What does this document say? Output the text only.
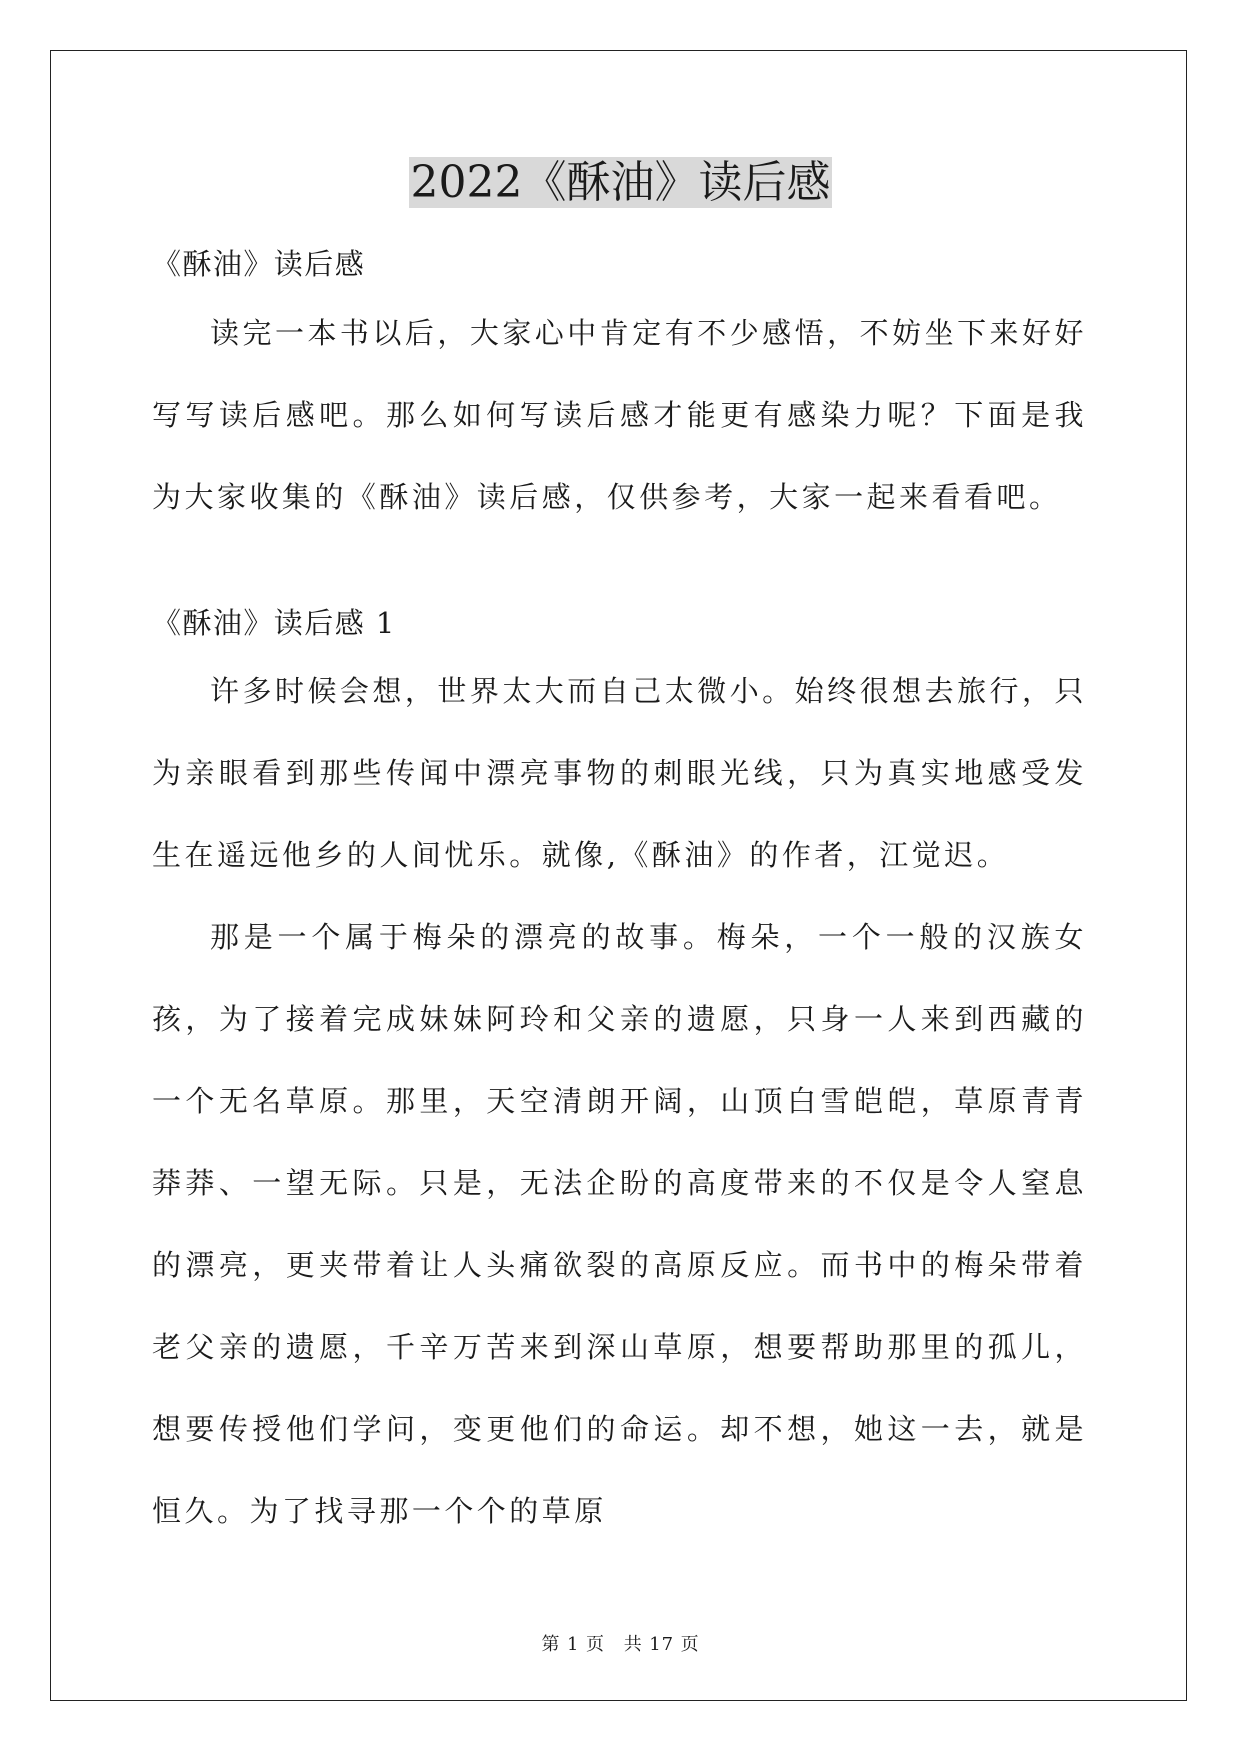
2022《酥油》读后感
《酥油》读后感

读完一本书以后，大家心中肯定有不少感悟，不妨坐下来好好写写读后感吧。那么如何写读后感才能更有感染力呢？下面是我为大家收集的《酥油》读后感，仅供参考，大家一起来看看吧。

《酥油》读后感 1

许多时候会想，世界太大而自己太微小。始终很想去旅行，只为亲眼看到那些传闻中漂亮事物的刺眼光线，只为真实地感受发生在遥远他乡的人间忧乐。就像,《酥油》的作者，江觉迟。

那是一个属于梅朵的漂亮的故事。梅朵，一个一般的汉族女孩，为了接着完成妹妹阿玲和父亲的遗愿，只身一人来到西藏的一个无名草原。那里，天空清朗开阔，山顶白雪皑皑，草原青青莽莽、一望无际。只是，无法企盼的高度带来的不仅是令人窒息的漂亮，更夹带着让人头痛欲裂的高原反应。而书中的梅朵带着老父亲的遗愿，千辛万苦来到深山草原，想要帮助那里的孤儿，想要传授他们学问，变更他们的命运。却不想，她这一去，就是恒久。为了找寻那一个个的草原

第 1 页　共 17 页
